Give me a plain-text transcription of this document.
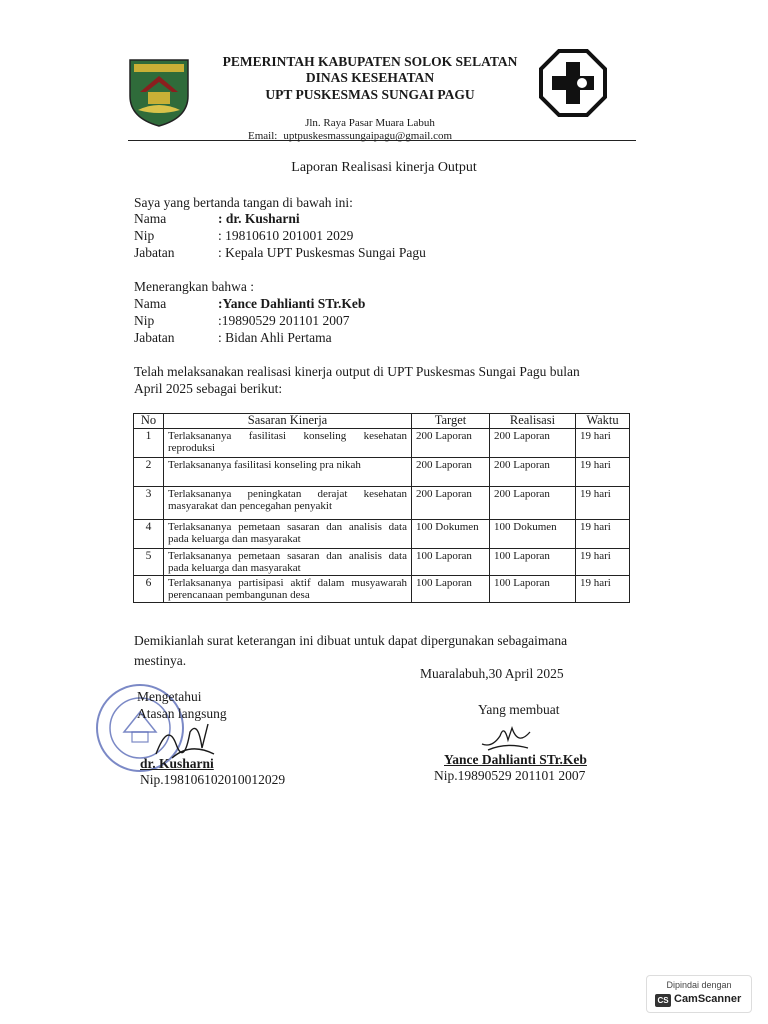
PEMERINTAH KABUPATEN SOLOK SELATAN
DINAS KESEHATAN
UPT PUSKESMAS SUNGAI PAGU
Jln. Raya Pasar Muara Labuh
Email: uptpuskesmassungaipagu@gmail.com
Laporan Realisasi kinerja Output
Saya yang bertanda tangan di bawah ini:
Nama	: dr. Kusharni
Nip	: 19810610 201001 2029
Jabatan	: Kepala UPT Puskesmas Sungai Pagu
Menerangkan bahwa :
Nama	:Yance Dahlianti STr.Keb
Nip	:19890529 201101 2007
Jabatan	: Bidan Ahli Pertama
Telah melaksanakan realisasi kinerja output di UPT Puskesmas Sungai Pagu bulan
April 2025 sebagai berikut:
No	Sasaran Kinerja	Target	Realisasi	Waktu
1	Terlaksananya fasilitasi konseling kesehatan reproduksi	200 Laporan	200 Laporan	19 hari
2	Terlaksananya fasilitasi konseling pra nikah	200 Laporan	200 Laporan	19 hari
3	Terlaksananya peningkatan derajat kesehatan masyarakat dan pencegahan penyakit	200 Laporan	200 Laporan	19 hari
4	Terlaksananya pemetaan sasaran dan analisis data pada keluarga dan masyarakat	100 Dokumen	100 Dokumen	19 hari
5	Terlaksananya pemetaan sasaran dan analisis data pada keluarga dan masyarakat	100 Laporan	100 Laporan	19 hari
6	Terlaksananya partisipasi aktif dalam musyawarah perencanaan pembangunan desa	100 Laporan	100 Laporan	19 hari
Demikianlah surat keterangan ini dibuat untuk dapat dipergunakan sebagaimana
mestinya.
Muaralabuh,30 April 2025
Mengetahui
Atasan langsung
dr. Kusharni
Nip.198106102010012029
Yang membuat
Yance Dahlianti STr.Keb
Nip.19890529 201101 2007
Dipindai dengan
CS CamScanner
